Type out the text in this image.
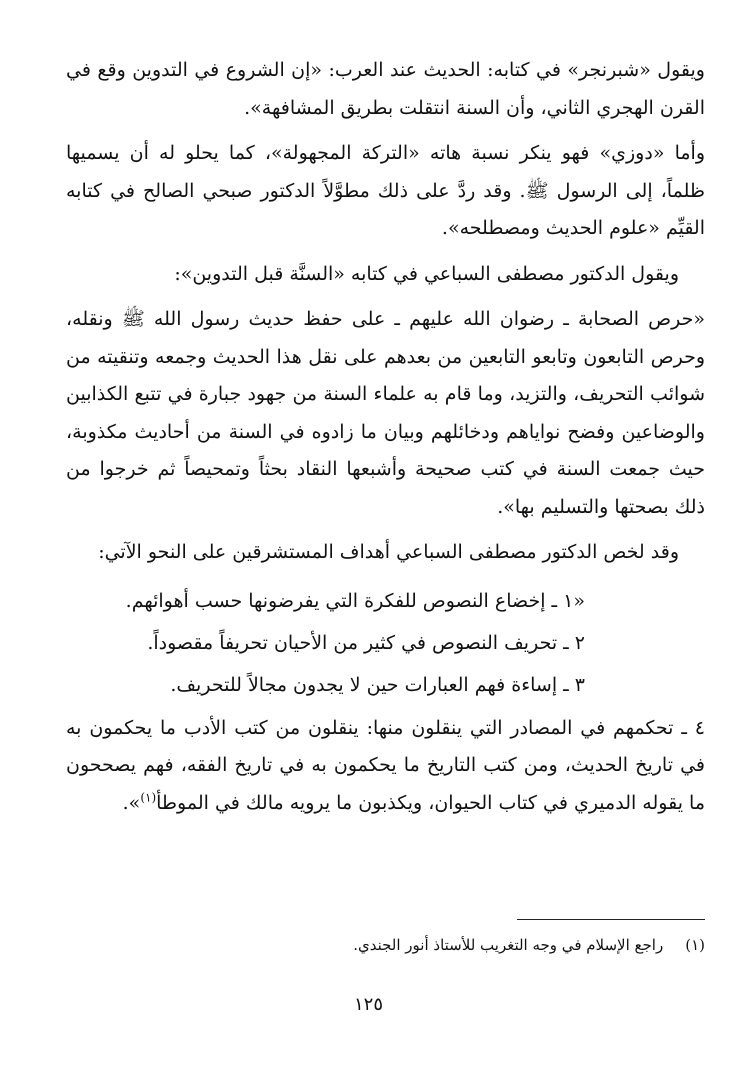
ويقول «شبرنجر» في كتابه: الحديث عند العرب: «إن الشروع في التدوين وقع في القرن الهجري الثاني، وأن السنة انتقلت بطريق المشافهة».

وأما «دوزي» فهو ينكر نسبة هاته «التركة المجهولة»، كما يحلو له أن يسميها ظلماً، إلى الرسول ﷺ. وقد ردَّ على ذلك مطوَّلاً الدكتور صبحي الصالح في كتابه القيِّم «علوم الحديث ومصطلحه».

ويقول الدكتور مصطفى السباعي في كتابه «السنَّة قبل التدوين»:

«حرص الصحابة ـ رضوان الله عليهم ـ على حفظ حديث رسول الله ﷺ ونقله، وحرص التابعون وتابعو التابعين من بعدهم على نقل هذا الحديث وجمعه وتنقيته من شوائب التحريف، والتزيد، وما قام به علماء السنة من جهود جبارة في تتبع الكذابين والوضاعين وفضح نواياهم ودخائلهم وبيان ما زادوه في السنة من أحاديث مكذوبة، حيث جمعت السنة في كتب صحيحة وأشبعها النقاد بحثاً وتمحيصاً ثم خرجوا من ذلك بصحتها والتسليم بها».

وقد لخص الدكتور مصطفى السباعي أهداف المستشرقين على النحو الآتي:

«١ ـ إخضاع النصوص للفكرة التي يفرضونها حسب أهوائهم.

٢ ـ تحريف النصوص في كثير من الأحيان تحريفاً مقصوداً.

٣ ـ إساءة فهم العبارات حين لا يجدون مجالاً للتحريف.

٤ ـ تحكمهم في المصادر التي ينقلون منها: ينقلون من كتب الأدب ما يحكمون به في تاريخ الحديث، ومن كتب التاريخ ما يحكمون به في تاريخ الفقه، فهم يصححون ما يقوله الدميري في كتاب الحيوان، ويكذبون ما يرويه مالك في الموطأ$^{(١)}$».

(١)راجع الإسلام في وجه التغريب للأستاذ أنور الجندي.
١٢٥
